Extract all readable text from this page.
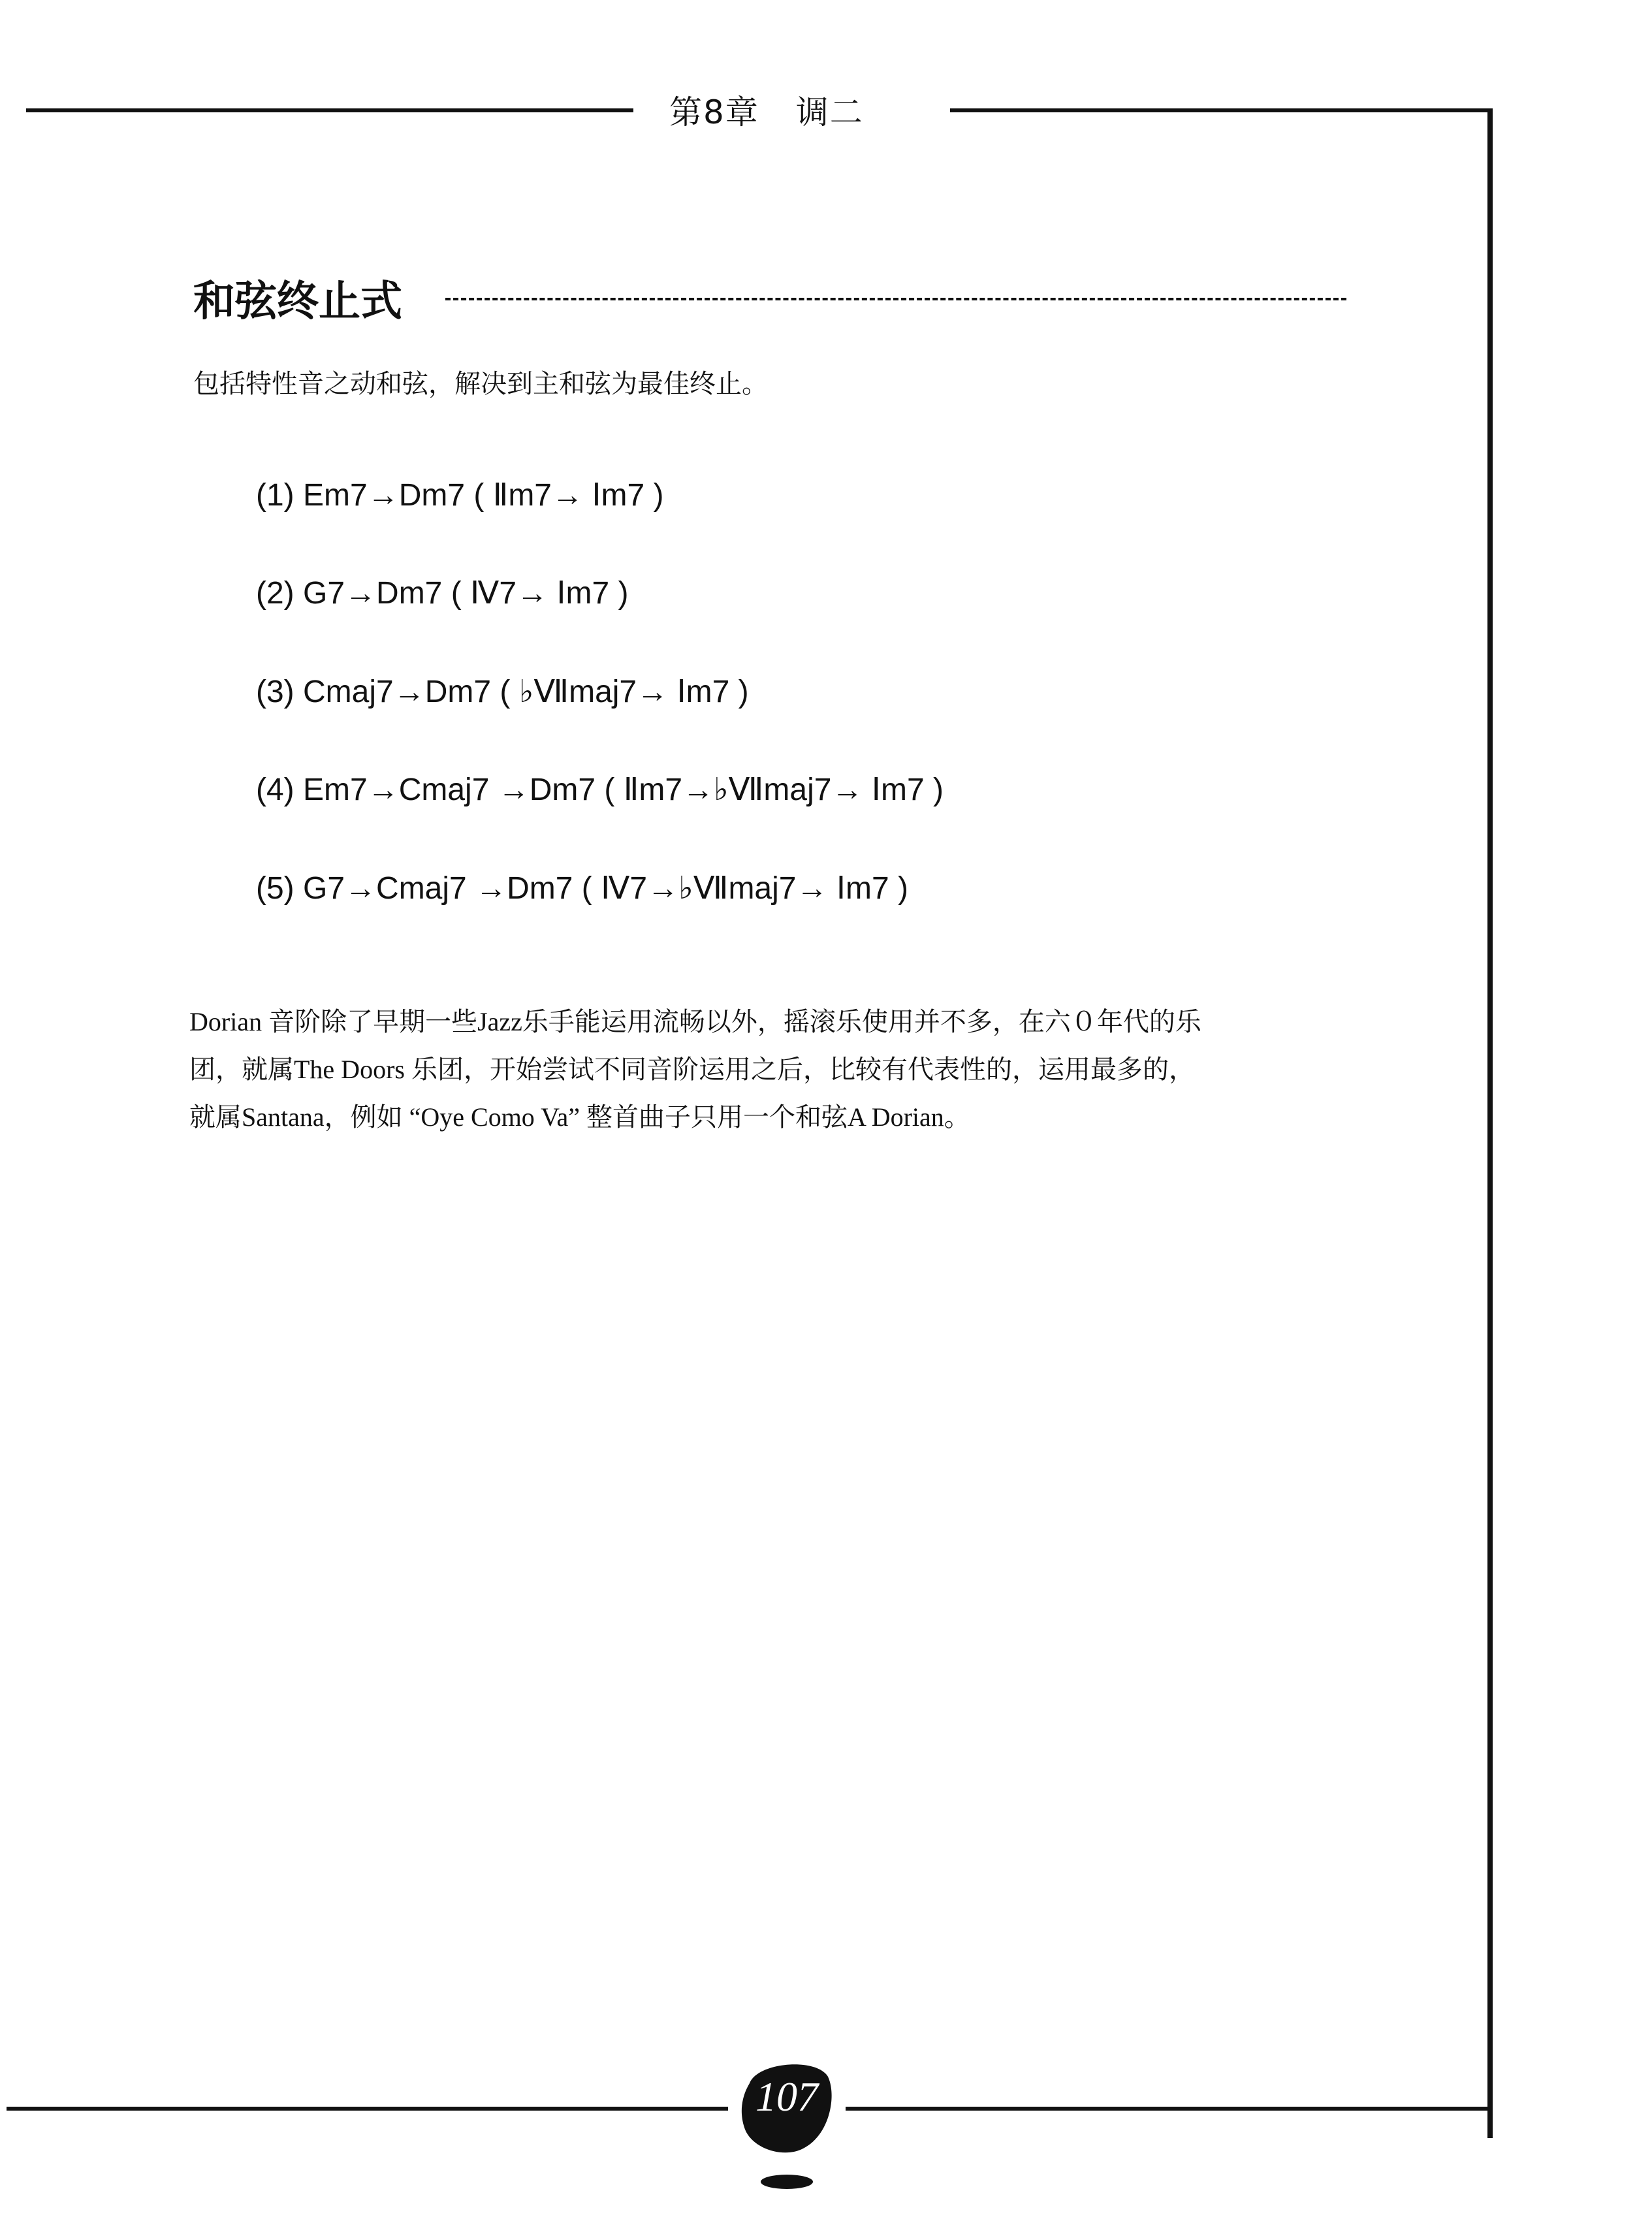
第8章 调二
和弦终止式
包括特性音之动和弦，解决到主和弦为最佳终止。
(1) Em7→Dm7 ( Ⅱm7→ Ⅰm7 )
(2) G7→Dm7 ( Ⅳ7→ Ⅰm7 )
(3) Cmaj7→Dm7 ( ♭Ⅶmaj7→ Ⅰm7 )
(4) Em7→Cmaj7 →Dm7 ( Ⅱm7→♭Ⅶmaj7→ Ⅰm7 )
(5) G7→Cmaj7 →Dm7 ( Ⅳ7→♭Ⅶmaj7→ Ⅰm7 )

Dorian 音阶除了早期一些Jazz乐手能运用流畅以外，摇滚乐使用并不多，在六０年代的乐

团，就属The Doors 乐团，开始尝试不同音阶运用之后，比较有代表性的，运用最多的，

就属Santana，例如 “Oye Como Va” 整首曲子只用一个和弦A Dorian。

107
